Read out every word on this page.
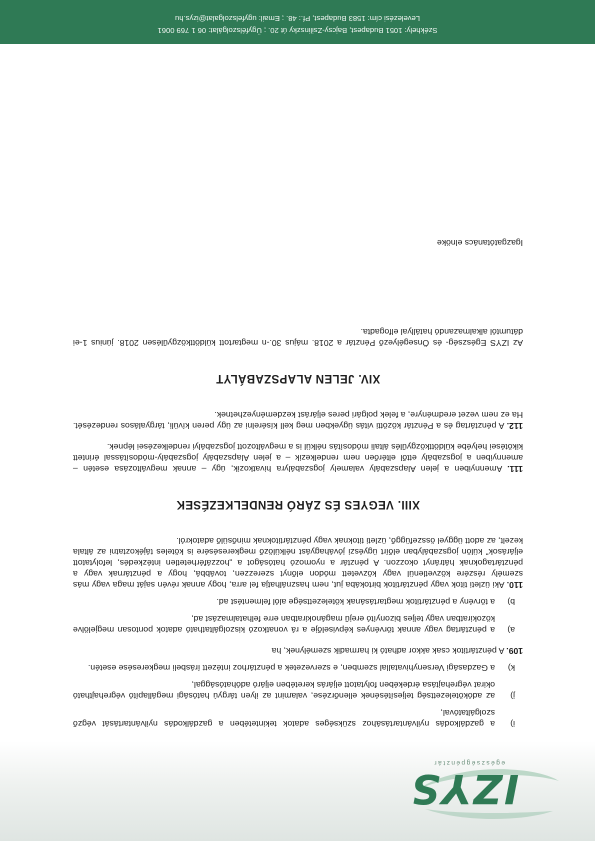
IZYS
egészségpénztár
i)
a gazdálkodás nyilvántartásához szükséges adatok tekintetében a gazdálkodás nyilvántartását végző szolgáltatóval,
j)
az adókötelezettség teljesítésének ellenőrzése, valamint az ilyen tárgyú hatósági megállapító végrehajtható okirat végrehajtása érdekében folytatott eljárás keretében eljáró adóhatósággal,
k)
a Gazdasági Versenyhivatallal szemben, e szervezetek a pénztárhoz intézett írásbeli megkeresése esetén.
109. A pénztártitok csak akkor adható ki harmadik személynek, ha
a)
a pénztártag vagy annak törvényes képviselője a rá vonatkozó kiszolgáltatható adatok pontosan megjelölve közokiratban vagy teljes bizonyító erejű magánokiratban erre felhatalmazást ad,
b)
a törvény a pénztártitok megtartásának kötelezettsége alól felmentést ad.
110. Aki üzleti titok vagy pénztártitok birtokába jut, nem használhatja fel arra, hogy annak révén saját maga vagy más személy részére közvetlenül vagy közvetett módon előnyt szerezzen, továbbá, hogy a pénztárnak vagy a pénztártagoknak hátrányt okozzon. A pénztár a nyomozó hatóságot a „hozzáférhetetlen intézkedés, lefolytatott eljárások” külön jogszabályban előírt ügyészi jóváhagyást nélkülöző megkeresésére is köteles tájékoztatni az általa kezelt, az adott üggyel összefüggő, üzleti titoknak vagy pénztártitoknak minősülő adatokról.
XIII. VEGYES ÉS ZÁRÓ RENDELKEZÉSEK
111. Amennyiben a jelen Alapszabály valamely jogszabályra hivatkozik, úgy – annak megváltozása esetén – amennyiben a jogszabály ettől eltérően nem rendelkezik – a jelen Alapszabály jogszabály-módosítással érintett kikötései helyébe küldöttközgyűlés általi módosítás nélkül is a megváltozott jogszabályi rendelkezései lépnek.
112. A pénztártag és a Pénztár közötti vitás ügyekben meg kell kísérelni az ügy peren kívüli, tárgyalásos rendezését. Ha ez nem vezet eredményre, a felek polgári peres eljárást kezdeményezhetnek.
XIV. JELEN ALAPSZABÁLYT
Az IZYS Egészség- és Önsegélyező Pénztár a 2018. május 30.-n megtartott küldöttközgyűlésen 2018. június 1-ei dátumtól alkalmazandó hatállyal elfogadta.
Igazgatótanács elnöke
Székhely: 1051 Budapest, Bajcsy-Zsilinszky út 20. ; Ügyfélszolgálat: 06 1 769 0061
Levelezési cím: 1583 Budapest, Pf.: 48. ; Email: ugyfelszolgalat@izys.hu
